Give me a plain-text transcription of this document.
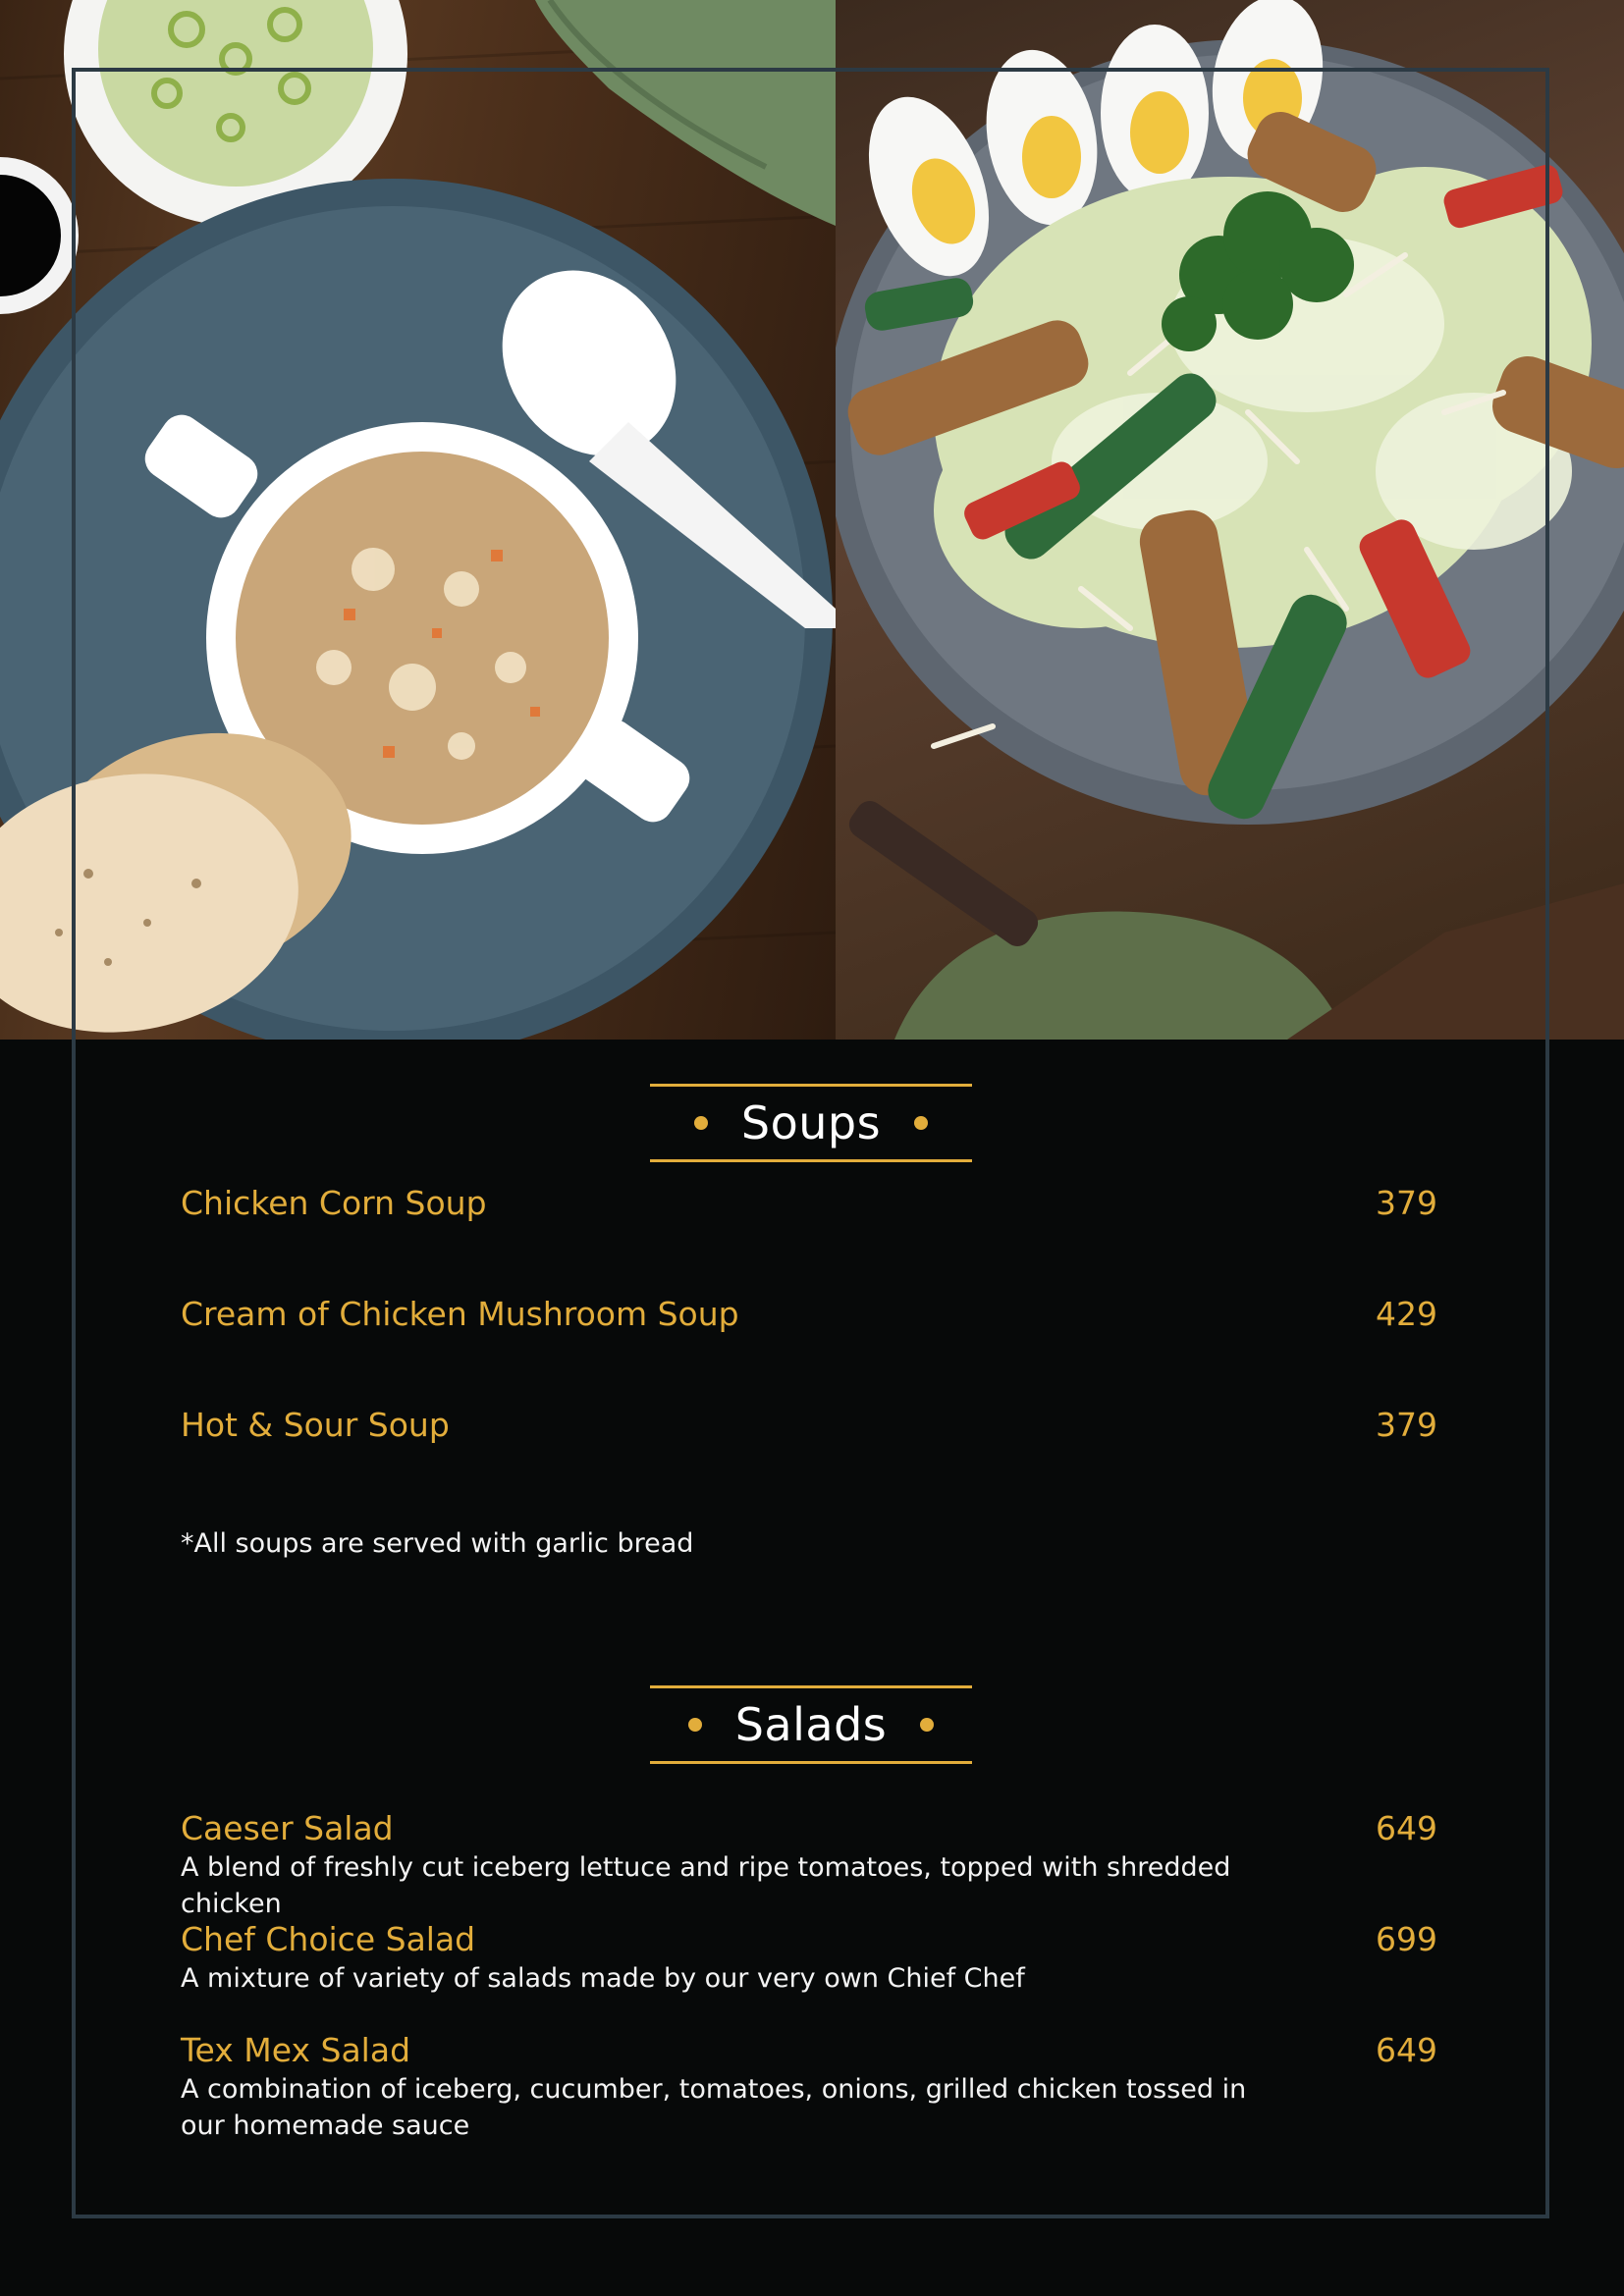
Soups
Chicken Corn Soup	379
Cream of Chicken Mushroom Soup	429
Hot & Sour Soup	379
*All soups are served with garlic bread
Salads
Caeser Salad	649
A blend of freshly cut iceberg lettuce and ripe tomatoes, topped with shredded chicken
Chef Choice Salad	699
A mixture of variety of salads made by our very own Chief Chef
Tex Mex Salad	649
A combination of iceberg, cucumber, tomatoes, onions, grilled chicken tossed in
our homemade sauce
